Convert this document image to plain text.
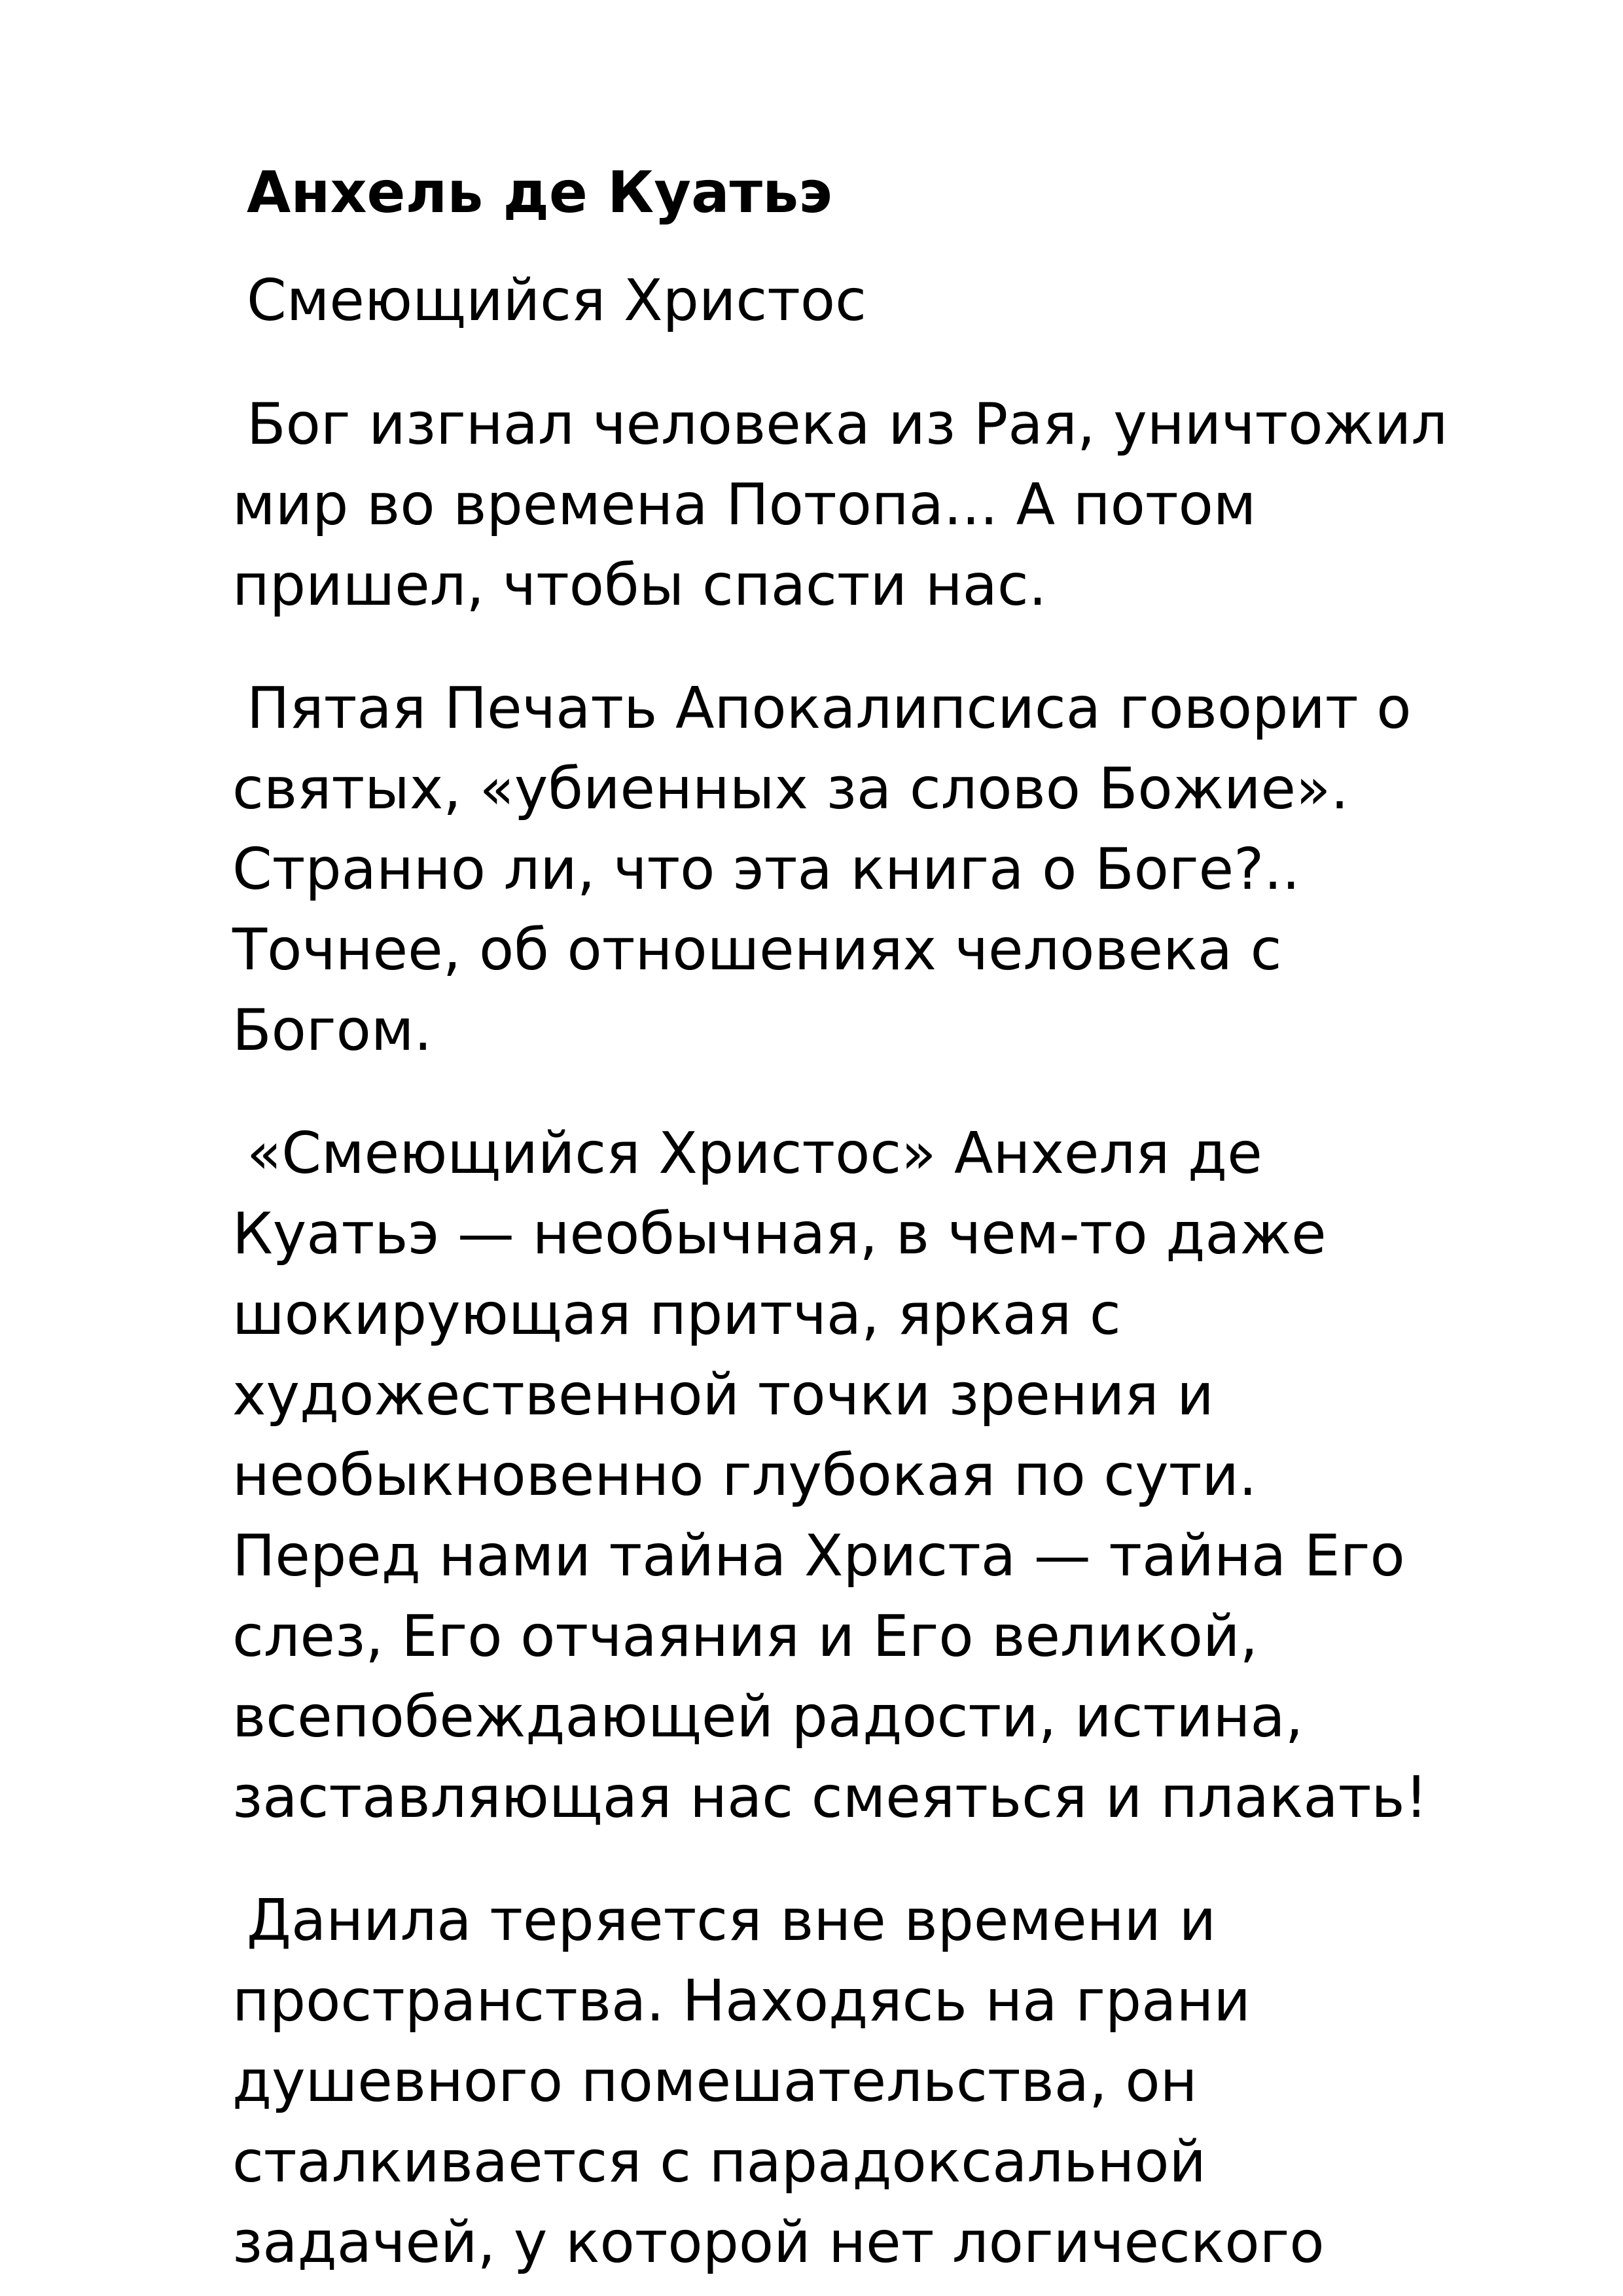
Анхель де Куатьэ
Смеющийся Христос

Бог изгнал человека из Рая, уничтожил
мир во времена Потопа... А потом
пришел, чтобы спасти нас.

Пятая Печать Апокалипсиса говорит о
святых, «убиенных за слово Божие».
Странно ли, что эта книга о Боге?..
Точнее, об отношениях человека с
Богом.

«Смеющийся Христос» Анхеля де
Куатьэ — необычная, в чем-то даже
шокирующая притча, яркая с
художественной точки зрения и
необыкновенно глубокая по сути.
Перед нами тайна Христа — тайна Его
слез, Его отчаяния и Его великой,
всепобеждающей радости, истина,
заставляющая нас смеяться и плакать!

Данила теряется вне времени и
пространства. Находясь на грани
душевного помешательства, он
сталкивается с парадоксальной
задачей, у которой нет логического
